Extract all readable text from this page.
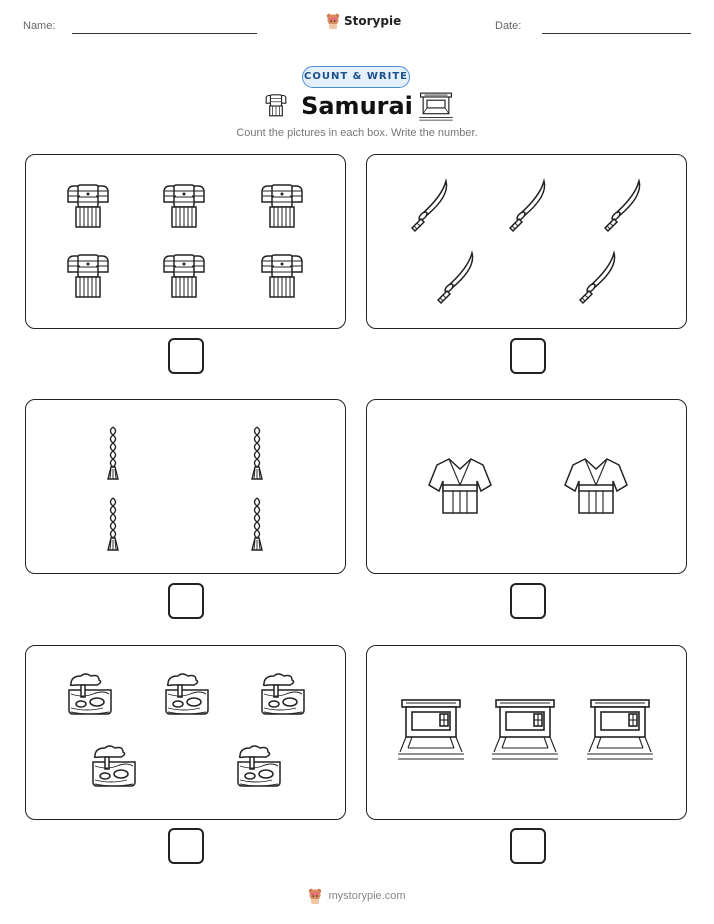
Name:	Storypie	Date:
COUNT & WRITE
Samurai
Count the pictures in each box. Write the number.
mystorypie.com
